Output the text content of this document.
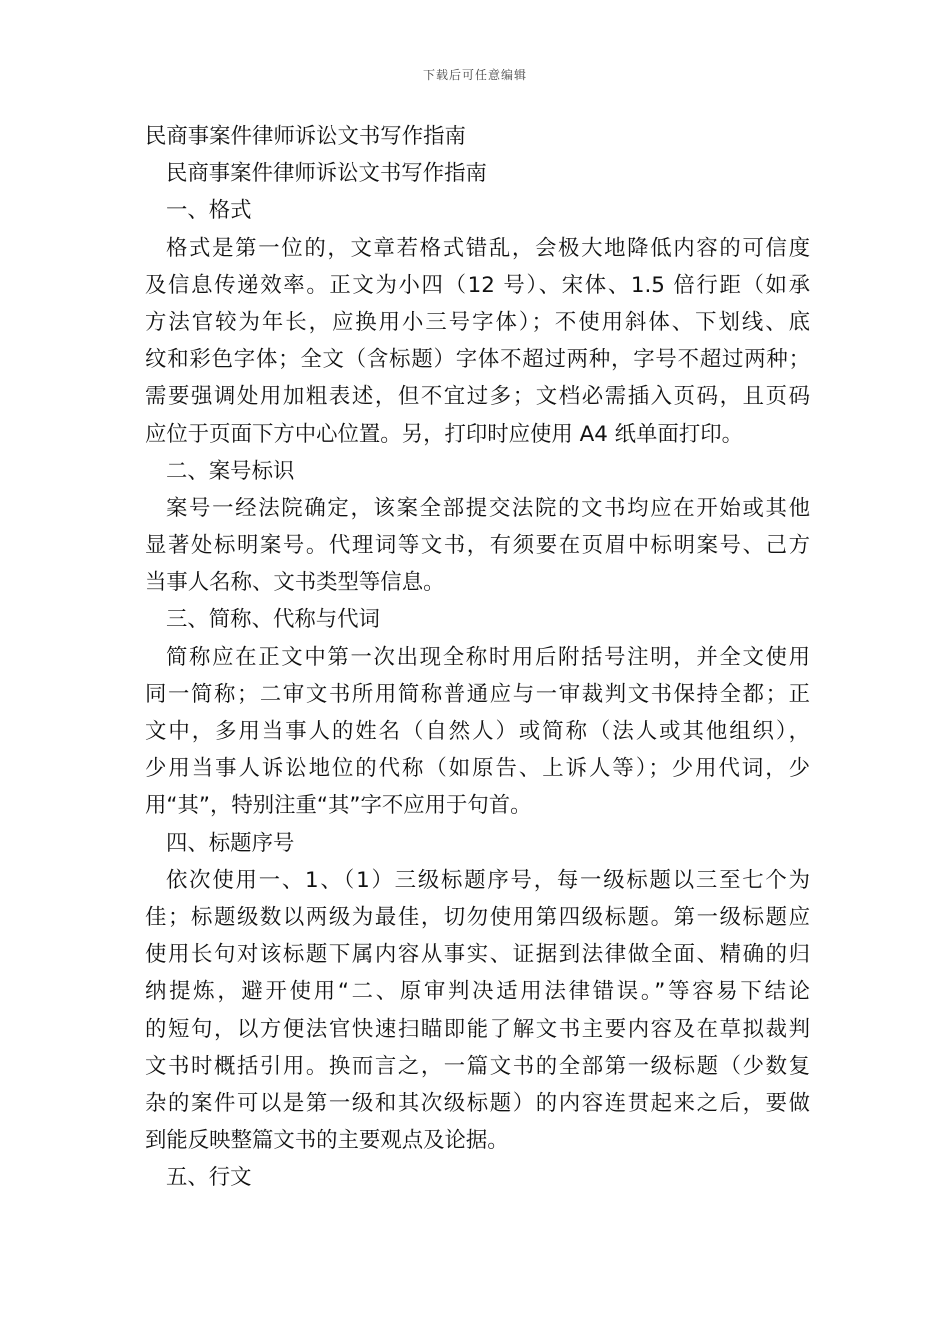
下载后可任意编辑
民商事案件律师诉讼文书写作指南
民商事案件律师诉讼文书写作指南
一、格式
格式是第一位的，文章若格式错乱，会极大地降低内容的可信度
及信息传递效率。正文为小四（12 号）、宋体、1.5 倍行距（如承
方法官较为年长，应换用小三号字体）；不使用斜体、下划线、底
纹和彩色字体；全文（含标题）字体不超过两种，字号不超过两种；
需要强调处用加粗表述，但不宜过多；文档必需插入页码，且页码
应位于页面下方中心位置。另，打印时应使用 A4 纸单面打印。
二、案号标识
案号一经法院确定，该案全部提交法院的文书均应在开始或其他
显著处标明案号。代理词等文书，有须要在页眉中标明案号、己方
当事人名称、文书类型等信息。
三、简称、代称与代词
简称应在正文中第一次出现全称时用后附括号注明，并全文使用
同一简称；二审文书所用简称普通应与一审裁判文书保持全都；正
文中，多用当事人的姓名（自然人）或简称（法人或其他组织），
少用当事人诉讼地位的代称（如原告、上诉人等）；少用代词，少
用“其”，特别注重“其”字不应用于句首。
四、标题序号
依次使用一、1、（1）三级标题序号，每一级标题以三至七个为
佳；标题级数以两级为最佳，切勿使用第四级标题。第一级标题应
使用长句对该标题下属内容从事实、证据到法律做全面、精确的归
纳提炼，避开使用“二、原审判决适用法律错误。”等容易下结论
的短句，以方便法官快速扫瞄即能了解文书主要内容及在草拟裁判
文书时概括引用。换而言之，一篇文书的全部第一级标题（少数复
杂的案件可以是第一级和其次级标题）的内容连贯起来之后，要做
到能反映整篇文书的主要观点及论据。
五、行文
